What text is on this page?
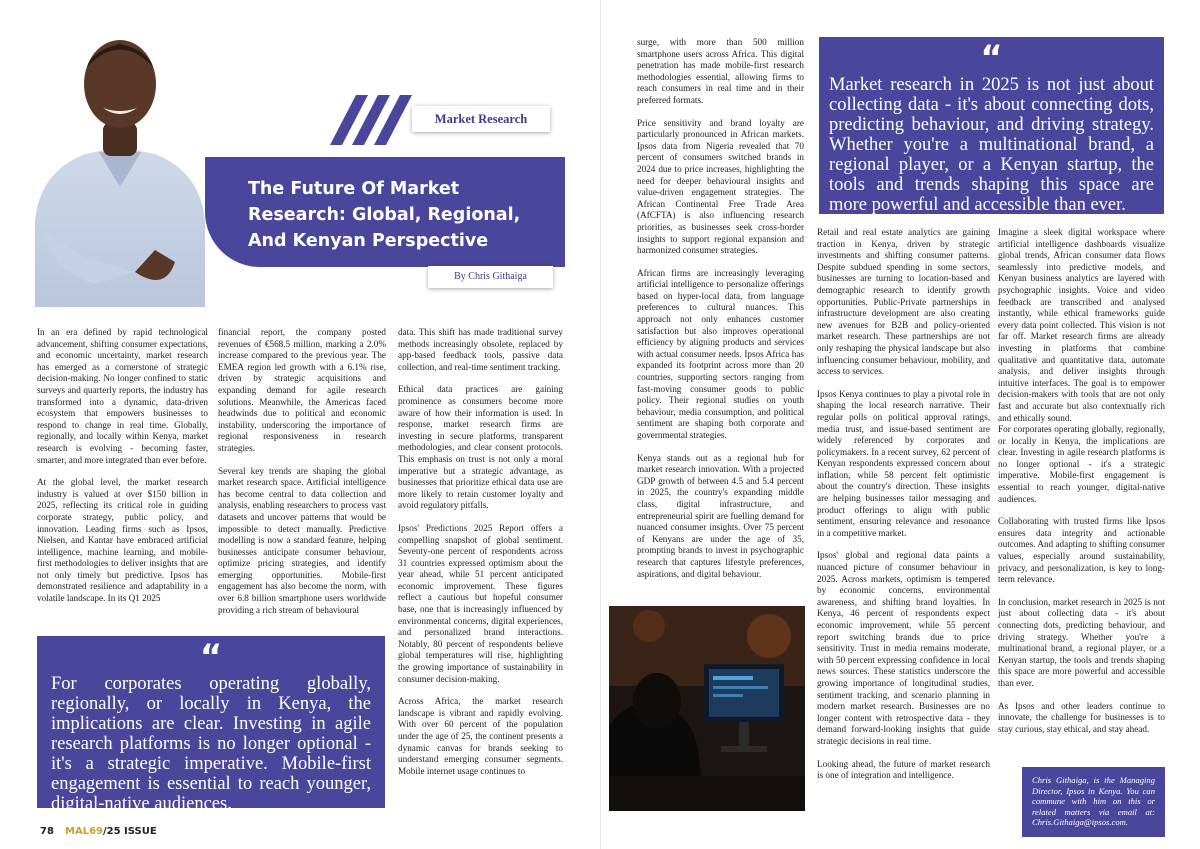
Market Research
The Future Of Market Research: Global, Regional, And Kenyan Perspective
By Chris Githaiga

In an era defined by rapid technological advancement, shifting consumer expectations, and economic uncertainty, market research has emerged as a cornerstone of strategic decision-making. No longer confined to static surveys and quarterly reports, the industry has transformed into a dynamic, data-driven ecosystem that empowers businesses to respond to change in real time. Globally, regionally, and locally within Kenya, market research is evolving - becoming faster, smarter, and more integrated than ever before.

At the global level, the market research industry is valued at over $150 billion in 2025, reflecting its critical role in guiding corporate strategy, public policy, and innovation. Leading firms such as Ipsos, Nielsen, and Kantar have embraced artificial intelligence, machine learning, and mobile-first methodologies to deliver insights that are not only timely but predictive. Ipsos has demonstrated resilience and adaptability in a volatile landscape. In its Q1 2025

financial report, the company posted revenues of €568.5 million, marking a 2.0% increase compared to the previous year. The EMEA region led growth with a 6.1% rise, driven by strategic acquisitions and expanding demand for agile research solutions. Meanwhile, the Americas faced headwinds due to political and economic instability, underscoring the importance of regional responsiveness in research strategies.

Several key trends are shaping the global market research space. Artificial intelligence has become central to data collection and analysis, enabling researchers to process vast datasets and uncover patterns that would be impossible to detect manually. Predictive modelling is now a standard feature, helping businesses anticipate consumer behaviour, optimize pricing strategies, and identify emerging opportunities. Mobile-first engagement has also become the norm, with over 6.8 billion smartphone users worldwide providing a rich stream of behavioural

data. This shift has made traditional survey methods increasingly obsolete, replaced by app-based feedback tools, passive data collection, and real-time sentiment tracking.

Ethical data practices are gaining prominence as consumers become more aware of how their information is used. In response, market research firms are investing in secure platforms, transparent methodologies, and clear consent protocols. This emphasis on trust is not only a moral imperative but a strategic advantage, as businesses that prioritize ethical data use are more likely to retain customer loyalty and avoid regulatory pitfalls.

Ipsos' Predictions 2025 Report offers a compelling snapshot of global sentiment. Seventy-one percent of respondents across 31 countries expressed optimism about the year ahead, while 51 percent anticipated economic improvement. These figures reflect a cautious but hopeful consumer base, one that is increasingly influenced by environmental concerns, digital experiences, and personalized brand interactions. Notably, 80 percent of respondents believe global temperatures will rise, highlighting the growing importance of sustainability in consumer decision-making.

Across Africa, the market research landscape is vibrant and rapidly evolving. With over 60 percent of the population under the age of 25, the continent presents a dynamic canvas for brands seeking to understand emerging consumer segments. Mobile internet usage continues to

“
For corporates operating globally, regionally, or locally in Kenya, the implications are clear. Investing in agile research platforms is no longer optional - it's a strategic imperative. Mobile-first engagement is essential to reach younger, digital-native audiences.

surge, with more than 500 million smartphone users across Africa. This digital penetration has made mobile-first research methodologies essential, allowing firms to reach consumers in real time and in their preferred formats.

Price sensitivity and brand loyalty are particularly pronounced in African markets. Ipsos data from Nigeria revealed that 70 percent of consumers switched brands in 2024 due to price increases, highlighting the need for deeper behavioural insights and value-driven engagement strategies. The African Continental Free Trade Area (AfCFTA) is also influencing research priorities, as businesses seek cross-border insights to support regional expansion and harmonized consumer strategies.

African firms are increasingly leveraging artificial intelligence to personalize offerings based on hyper-local data, from language preferences to cultural nuances. This approach not only enhances customer satisfaction but also improves operational efficiency by aligning products and services with actual consumer needs. Ipsos Africa has expanded its footprint across more than 20 countries, supporting sectors ranging from fast-moving consumer goods to public policy. Their regional studies on youth behaviour, media consumption, and political sentiment are shaping both corporate and governmental strategies.

Kenya stands out as a regional hub for market research innovation. With a projected GDP growth of between 4.5 and 5.4 percent in 2025, the country's expanding middle class, digital infrastructure, and entrepreneurial spirit are fuelling demand for nuanced consumer insights. Over 75 percent of Kenyans are under the age of 35, prompting brands to invest in psychographic research that captures lifestyle preferences, aspirations, and digital behaviour.

“
Market research in 2025 is not just about collecting data - it's about connecting dots, predicting behaviour, and driving strategy. Whether you're a multinational brand, a regional player, or a Kenyan startup, the tools and trends shaping this space are more powerful and accessible than ever.

Retail and real estate analytics are gaining traction in Kenya, driven by strategic investments and shifting consumer patterns. Despite subdued spending in some sectors, businesses are turning to location-based and demographic research to identify growth opportunities. Public-Private partnerships in infrastructure development are also creating new avenues for B2B and policy-oriented market research. These partnerships are not only reshaping the physical landscape but also influencing consumer behaviour, mobility, and access to services.

Ipsos Kenya continues to play a pivotal role in shaping the local research narrative. Their regular polls on political approval ratings, media trust, and issue-based sentiment are widely referenced by corporates and policymakers. In a recent survey, 62 percent of Kenyan respondents expressed concern about inflation, while 58 percent felt optimistic about the country's direction. These insights are helping businesses tailor messaging and product offerings to align with public sentiment, ensuring relevance and resonance in a competitive market.

Ipsos' global and regional data paints a nuanced picture of consumer behaviour in 2025. Across markets, optimism is tempered by economic concerns, environmental awareness, and shifting brand loyalties. In Kenya, 46 percent of respondents expect economic improvement, while 55 percent report switching brands due to price sensitivity. Trust in media remains moderate, with 50 percent expressing confidence in local news sources. These statistics underscore the growing importance of longitudinal studies, sentiment tracking, and scenario planning in modern market research. Businesses are no longer content with retrospective data - they demand forward-looking insights that guide strategic decisions in real time.

Looking ahead, the future of market research is one of integration and intelligence.

Imagine a sleek digital workspace where artificial intelligence dashboards visualize global trends, African consumer data flows seamlessly into predictive models, and Kenyan business analytics are layered with psychographic insights. Voice and video feedback are transcribed and analysed instantly, while ethical frameworks guide every data point collected. This vision is not far off. Market research firms are already investing in platforms that combine qualitative and quantitative data, automate analysis, and deliver insights through intuitive interfaces. The goal is to empower decision-makers with tools that are not only fast and accurate but also contextually rich and ethically sound.

For corporates operating globally, regionally, or locally in Kenya, the implications are clear. Investing in agile research platforms is no longer optional - it's a strategic imperative. Mobile-first engagement is essential to reach younger, digital-native audiences.

Collaborating with trusted firms like Ipsos ensures data integrity and actionable outcomes. And adapting to shifting consumer values, especially around sustainability, privacy, and personalization, is key to long-term relevance.

In conclusion, market research in 2025 is not just about collecting data - it's about connecting dots, predicting behaviour, and driving strategy. Whether you're a multinational brand, a regional player, or a Kenyan startup, the tools and trends shaping this space are more powerful and accessible than ever.

As Ipsos and other leaders continue to innovate, the challenge for businesses is to stay curious, stay ethical, and stay ahead.

Chris Githaiga, is the Managing Director, Ipsos in Kenya. You can commune with him on this or related matters via email at: Chris.Githaiga@ipsos.com.
78 MAL69/25 ISSUE
